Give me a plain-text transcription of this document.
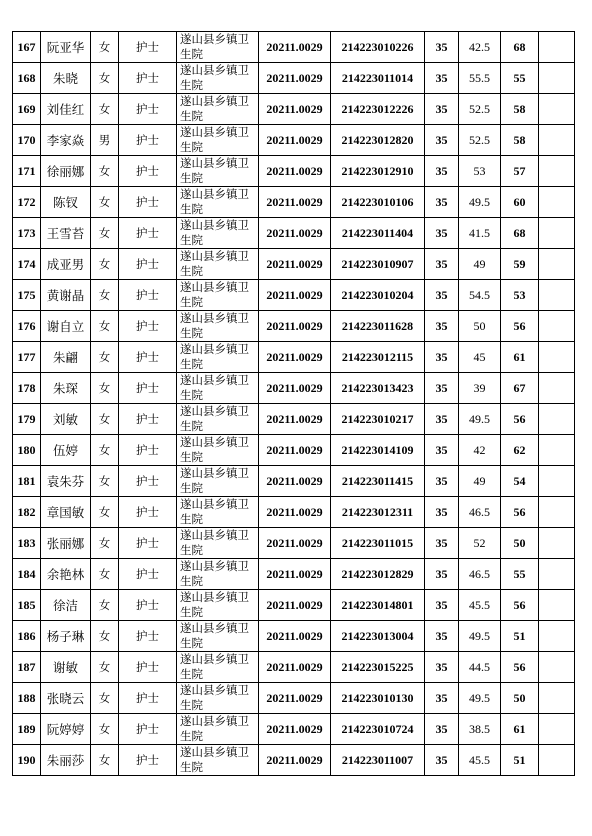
167	阮亚华	女	护士	遂山县乡镇卫生院	20211.0029	214223010226	35	42.5	68	
168	朱晓	女	护士	遂山县乡镇卫生院	20211.0029	214223011014	35	55.5	55	
169	刘佳红	女	护士	遂山县乡镇卫生院	20211.0029	214223012226	35	52.5	58	
170	李家焱	男	护士	遂山县乡镇卫生院	20211.0029	214223012820	35	52.5	58	
171	徐丽娜	女	护士	遂山县乡镇卫生院	20211.0029	214223012910	35	53	57	
172	陈钗	女	护士	遂山县乡镇卫生院	20211.0029	214223010106	35	49.5	60	
173	王雪苔	女	护士	遂山县乡镇卫生院	20211.0029	214223011404	35	41.5	68	
174	成亚男	女	护士	遂山县乡镇卫生院	20211.0029	214223010907	35	49	59	
175	黄谢晶	女	护士	遂山县乡镇卫生院	20211.0029	214223010204	35	54.5	53	
176	谢自立	女	护士	遂山县乡镇卫生院	20211.0029	214223011628	35	50	56	
177	朱翩	女	护士	遂山县乡镇卫生院	20211.0029	214223012115	35	45	61	
178	朱琛	女	护士	遂山县乡镇卫生院	20211.0029	214223013423	35	39	67	
179	刘敏	女	护士	遂山县乡镇卫生院	20211.0029	214223010217	35	49.5	56	
180	伍婷	女	护士	遂山县乡镇卫生院	20211.0029	214223014109	35	42	62	
181	袁朱芬	女	护士	遂山县乡镇卫生院	20211.0029	214223011415	35	49	54	
182	章国敏	女	护士	遂山县乡镇卫生院	20211.0029	214223012311	35	46.5	56	
183	张丽娜	女	护士	遂山县乡镇卫生院	20211.0029	214223011015	35	52	50	
184	余艳林	女	护士	遂山县乡镇卫生院	20211.0029	214223012829	35	46.5	55	
185	徐洁	女	护士	遂山县乡镇卫生院	20211.0029	214223014801	35	45.5	56	
186	杨子琳	女	护士	遂山县乡镇卫生院	20211.0029	214223013004	35	49.5	51	
187	谢敏	女	护士	遂山县乡镇卫生院	20211.0029	214223015225	35	44.5	56	
188	张晓云	女	护士	遂山县乡镇卫生院	20211.0029	214223010130	35	49.5	50	
189	阮婷婷	女	护士	遂山县乡镇卫生院	20211.0029	214223010724	35	38.5	61	
190	朱丽莎	女	护士	遂山县乡镇卫生院	20211.0029	214223011007	35	45.5	51	
